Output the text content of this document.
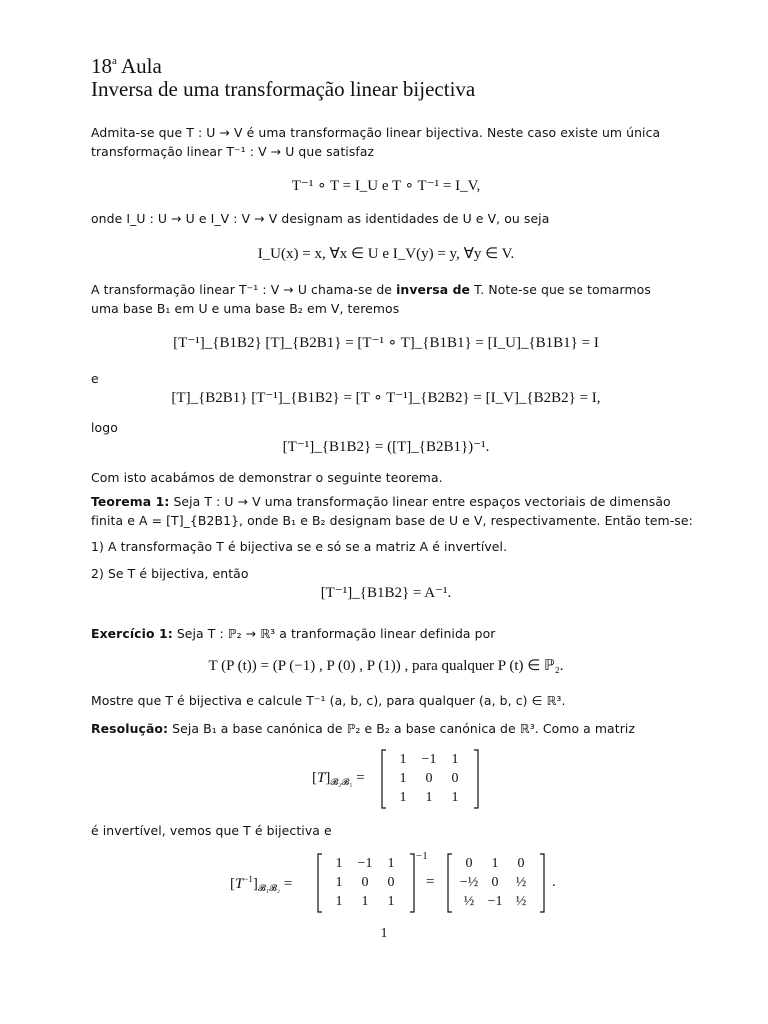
18$^a$ Aula
Inversa de uma transformação linear bijectiva

Admita-se que T : U → V é uma transformação linear bijectiva. Neste caso existe um única

transformação linear T⁻¹ : V → U que satisfaz

T⁻¹ ∘ T = I_U e T ∘ T⁻¹ = I_V,

onde I_U : U → U e I_V : V → V designam as identidades de U e V, ou seja

I_U(x) = x, ∀x ∈ U e I_V(y) = y, ∀y ∈ V.

A transformação linear T⁻¹ : V → U chama-se de inversa de T. Note-se que se tomarmos

uma base B₁ em U e uma base B₂ em V, teremos

[T⁻¹]_{B1B2} [T]_{B2B1} = [T⁻¹ ∘ T]_{B1B1} = [I_U]_{B1B1} = I

e

[T]_{B2B1} [T⁻¹]_{B1B2} = [T ∘ T⁻¹]_{B2B2} = [I_V]_{B2B2} = I,

logo

[T⁻¹]_{B1B2} = ([T]_{B2B1})⁻¹.

Com isto acabámos de demonstrar o seguinte teorema.

Teorema 1: Seja T : U → V uma transformação linear entre espaços vectoriais de dimensão

finita e A = [T]_{B2B1}, onde B₁ e B₂ designam base de U e V, respectivamente. Então tem-se:

1) A transformação T é bijectiva se e só se a matriz A é invertível.

2) Se T é bijectiva, então

[T⁻¹]_{B1B2} = A⁻¹.

Exercício 1: Seja T : ℙ₂ → ℝ³ a tranformação linear definida por

T (P (t)) = (P (−1) , P (0) , P (1)) , para qualquer P (t) ∈ ℙ₂.

Mostre que T é bijectiva e calcule T⁻¹ (a, b, c), para qualquer (a, b, c) ∈ ℝ³.

Resolução: Seja B₁ a base canónica de ℙ₂ e B₂ a base canónica de ℝ³. Como a matriz

$[T]_{𝓑_2𝓑_1}$ =
1	−1	1
1	0	0
1	1	1

é invertível, vemos que T é bijectiva e

$[T^{-1}]_{𝓑_1𝓑_2}$ =
1	−1	1
1	0	0
1	1	1
−1
=
0	1	0
−½ 0	½
½ −1 ½
.
1
